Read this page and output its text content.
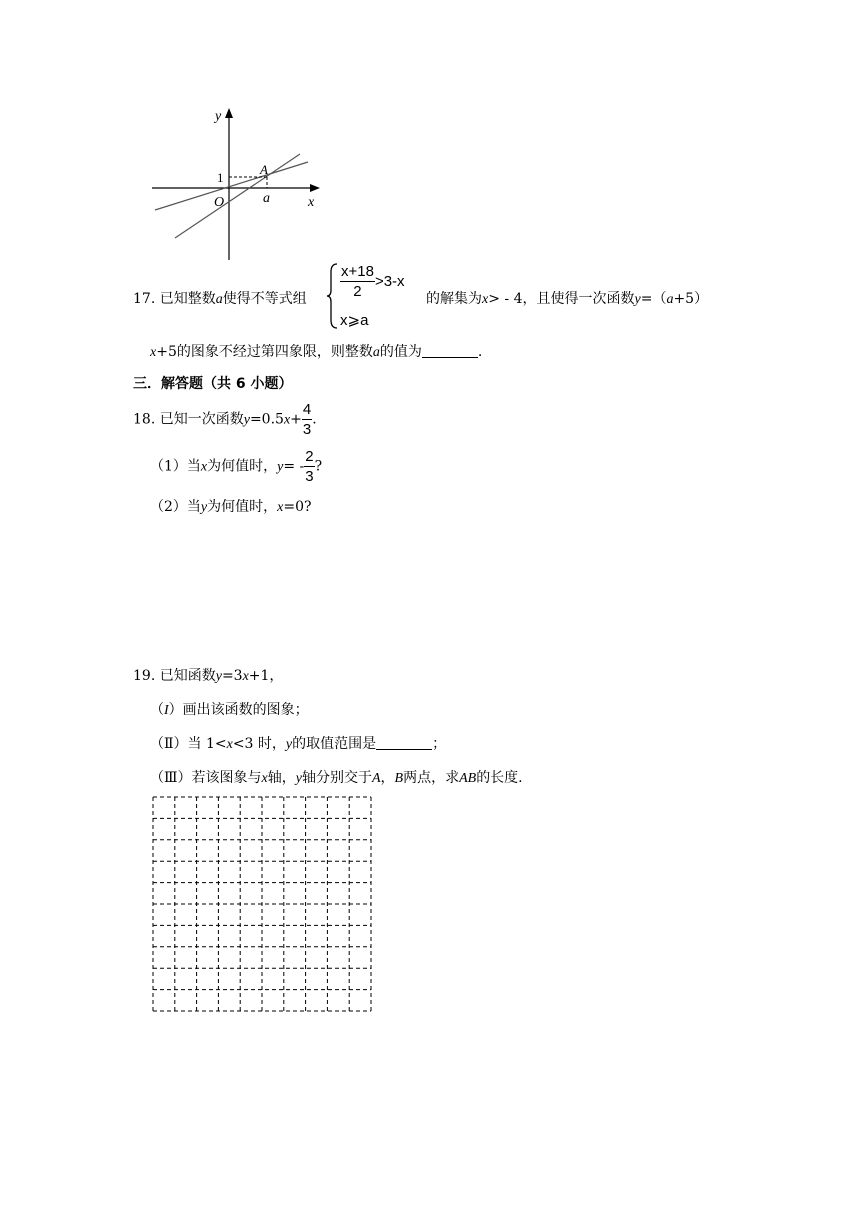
y
x
O
1
A
a
17. 已知整数a使得不等式组 $\frac{x+18}{2} >3-x$
x⩾a
的解集为x> - 4，且使得一次函数y=（a+5）
x+5的图象不经过第四象限，则整数a的值为	.
三．解答题（共 6 小题）
18. 已知一次函数$y=0.5x+ \frac{4}{3}$ .
（1）当x为何值时，$y= - \frac{2}{3}$ ?
（2）当y为何值时，x=0?
19. 已知函数y=3x+1，
（I）画出该函数的图象；
（Ⅱ）当 1<x<3 时，y的取值范围是	；
（Ⅲ）若该图象与x轴，y轴分别交于A，B两点，求AB的长度.
